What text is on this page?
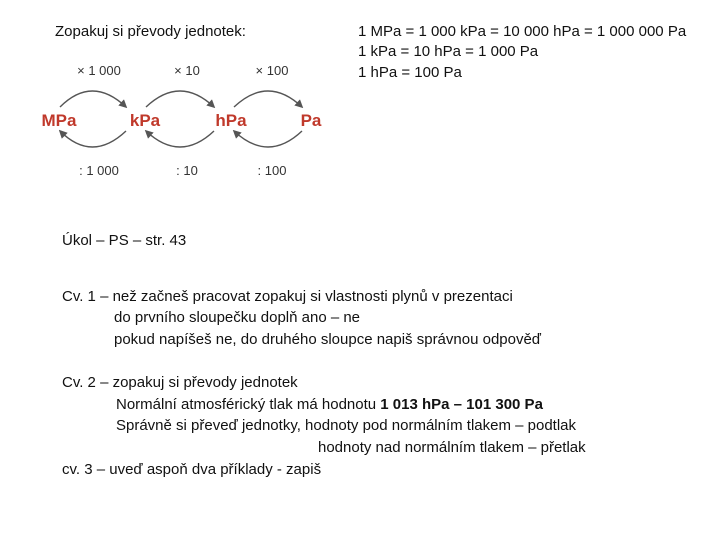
Zopakuj si převody jednotek:	1 MPa = 1 000 kPa = 10 000 hPa = 1 000 000 Pa
1 kPa = 10 hPa = 1 000 Pa
1 hPa = 100 Pa
× 1 000	× 10	× 100
MPa	kPa	hPa	Pa
: 1 000	: 10	: 100
Úkol – PS – str. 43
Cv. 1 – než začneš pracovat zopakuj si vlastnosti plynů v prezentaci
do prvního sloupečku doplň ano – ne
pokud napíšeš ne, do druhého sloupce napiš správnou odpověď
Cv. 2 – zopakuj si převody jednotek
Normální atmosférický tlak má hodnotu 1 013 hPa – 101 300 Pa
Správně si převeď jednotky, hodnoty pod normálním tlakem – podtlak
hodnoty nad normálním tlakem – přetlak
cv. 3 – uveď aspoň dva příklady - zapiš
